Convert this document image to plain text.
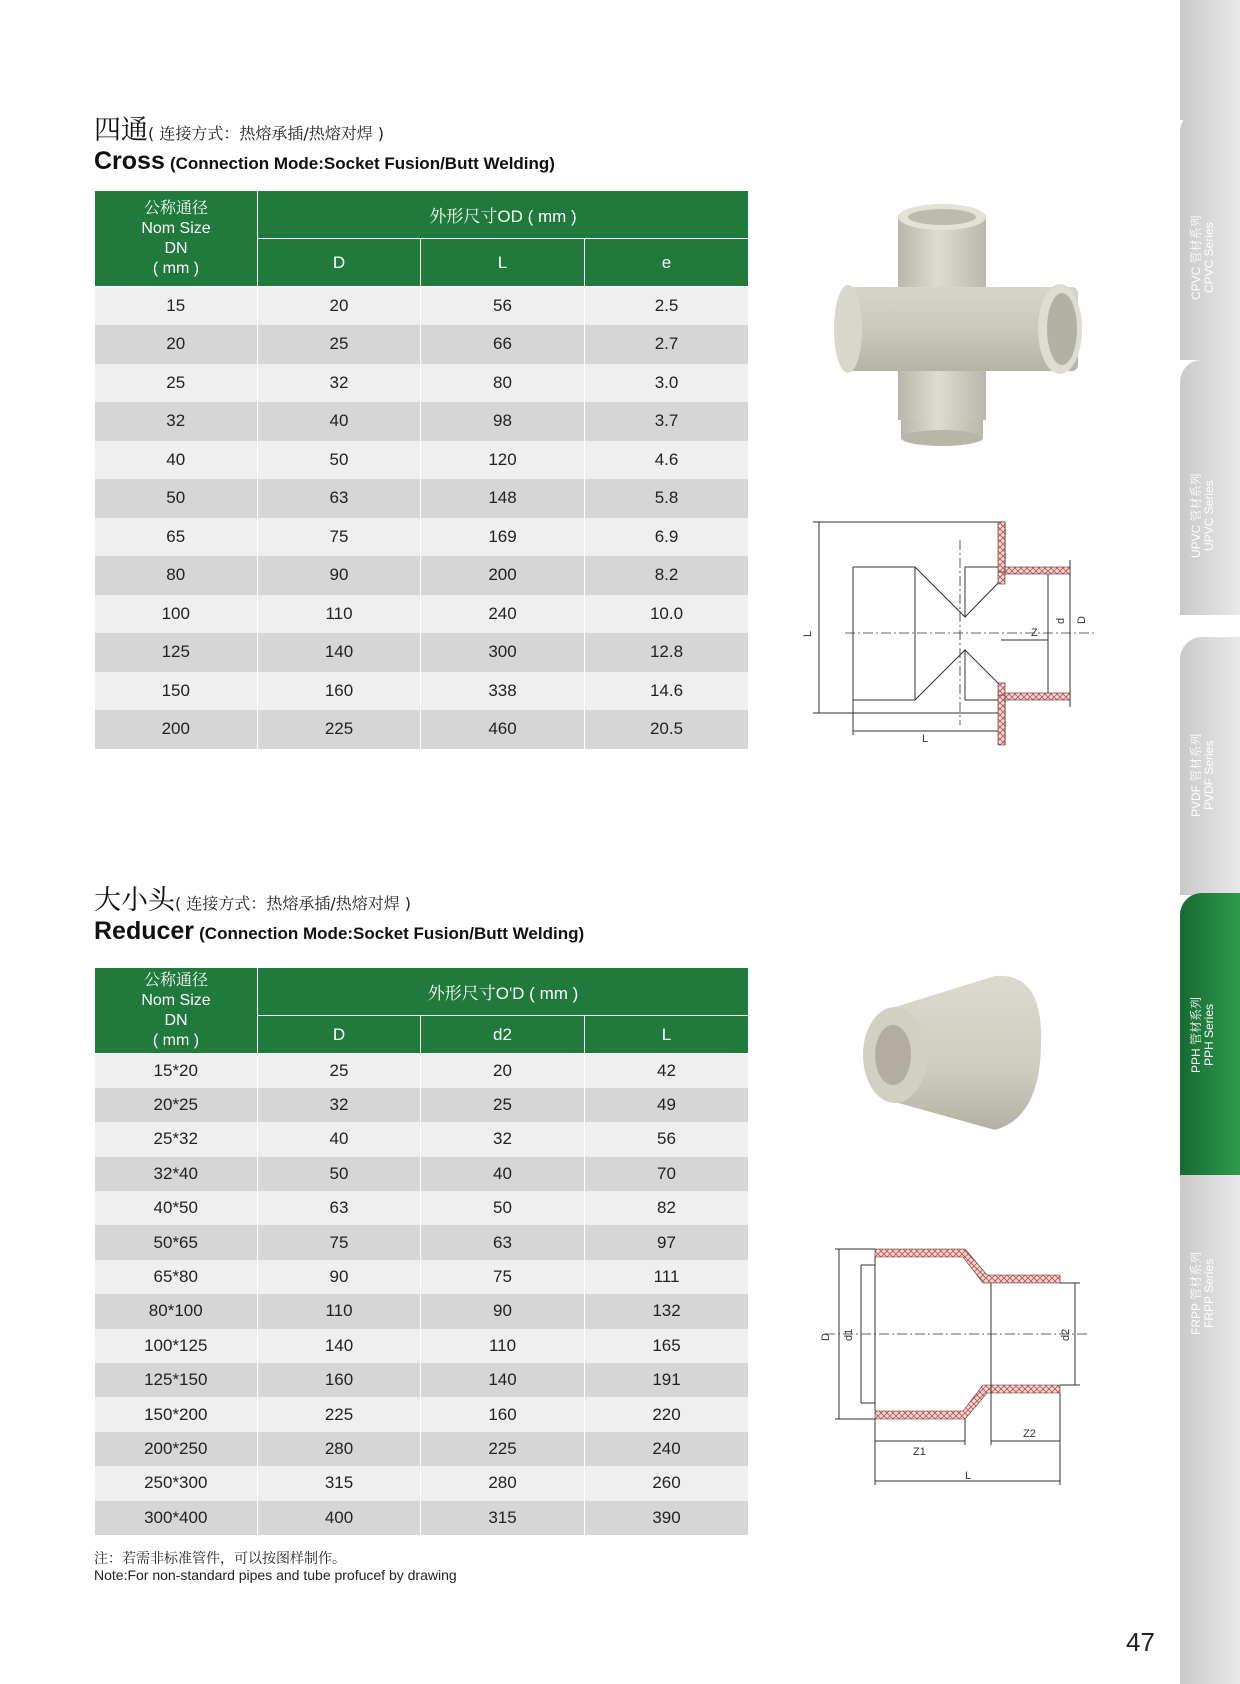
四通( 连接方式：热熔承插/热熔对焊 )
Cross (Connection Mode:Socket Fusion/Butt Welding)
公称通径
Nom Size
DN
( mm )	外形尺寸OD ( mm )		
	D	L	e
15	20	56	2.5
20	25	66	2.7
25	32	80	3.0
32	40	98	3.7
40	50	120	4.6
50	63	148	5.8
65	75	169	6.9
80	90	200	8.2
100	110	240	10.0
125	140	300	12.8
150	160	338	14.6
200	225	460	20.5
L
L
Z
d D
大小头( 连接方式：热熔承插/热熔对焊 )
Reducer (Connection Mode:Socket Fusion/Butt Welding)
公称通径
Nom Size
DN
( mm )	外形尺寸O'D ( mm )		
	D	d2	L
15*20	25	20	42
20*25	32	25	49
25*32	40	32	56
32*40	50	40	70
40*50	63	50	82
50*65	75	63	97
65*80	90	75	111
80*100	110	90	132
100*125	140	110	165
125*150	160	140	191
150*200	225	160	220
200*250	280	225	240
250*300	315	280	260
300*400	400	315	390
D d1	d2
Z1
Z2
L
注：若需非标准管件，可以按图样制作。
Note:For non-standard pipes and tube profucef by drawing
47
CPVC 管材系列 CPVC Series
UPVC 管材系列 UPVC Series
PVDF 管材系列 PVDF Series
PPH 管材系列 PPH Series
FRPP 管材系列 FRPP Series
